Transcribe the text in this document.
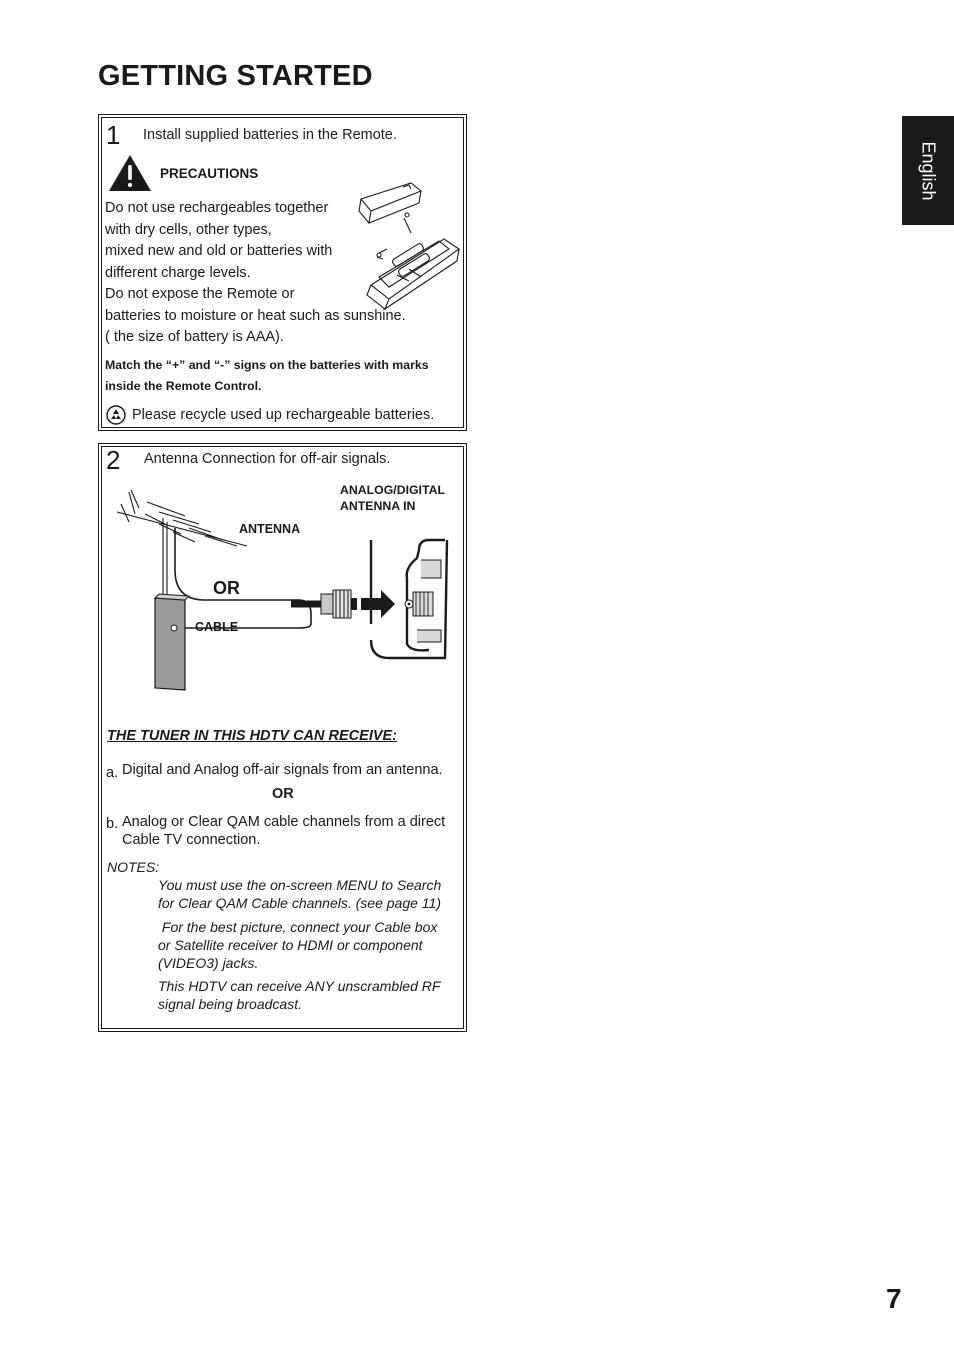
GETTING STARTED
English
1 Install supplied batteries in the Remote.
PRECAUTIONS
Do not use rechargeables together
with dry cells, other types,
mixed new and old or batteries with
different charge levels.
Do not expose the Remote or
batteries to moisture or heat such as sunshine.
( the size of battery is AAA).
Match the “+” and “-” signs on the batteries with marks
inside the Remote Control.
Please recycle used up rechargeable batteries.
2 Antenna Connection for off-air signals.
ANALOG/DIGITAL
ANTENNA IN
ANTENNA
OR
CABLE
THE TUNER IN THIS HDTV CAN RECEIVE:
a. Digital and Analog off-air signals from an antenna.
OR
b. Analog or Clear QAM cable channels from a direct
Cable TV connection.
NOTES:
You must use the on-screen MENU to Search
for Clear QAM Cable channels. (see page 11)
For the best picture, connect your Cable box
or Satellite receiver to HDMI or component
(VIDEO3) jacks.
This HDTV can receive ANY unscrambled RF
signal being broadcast.
7
